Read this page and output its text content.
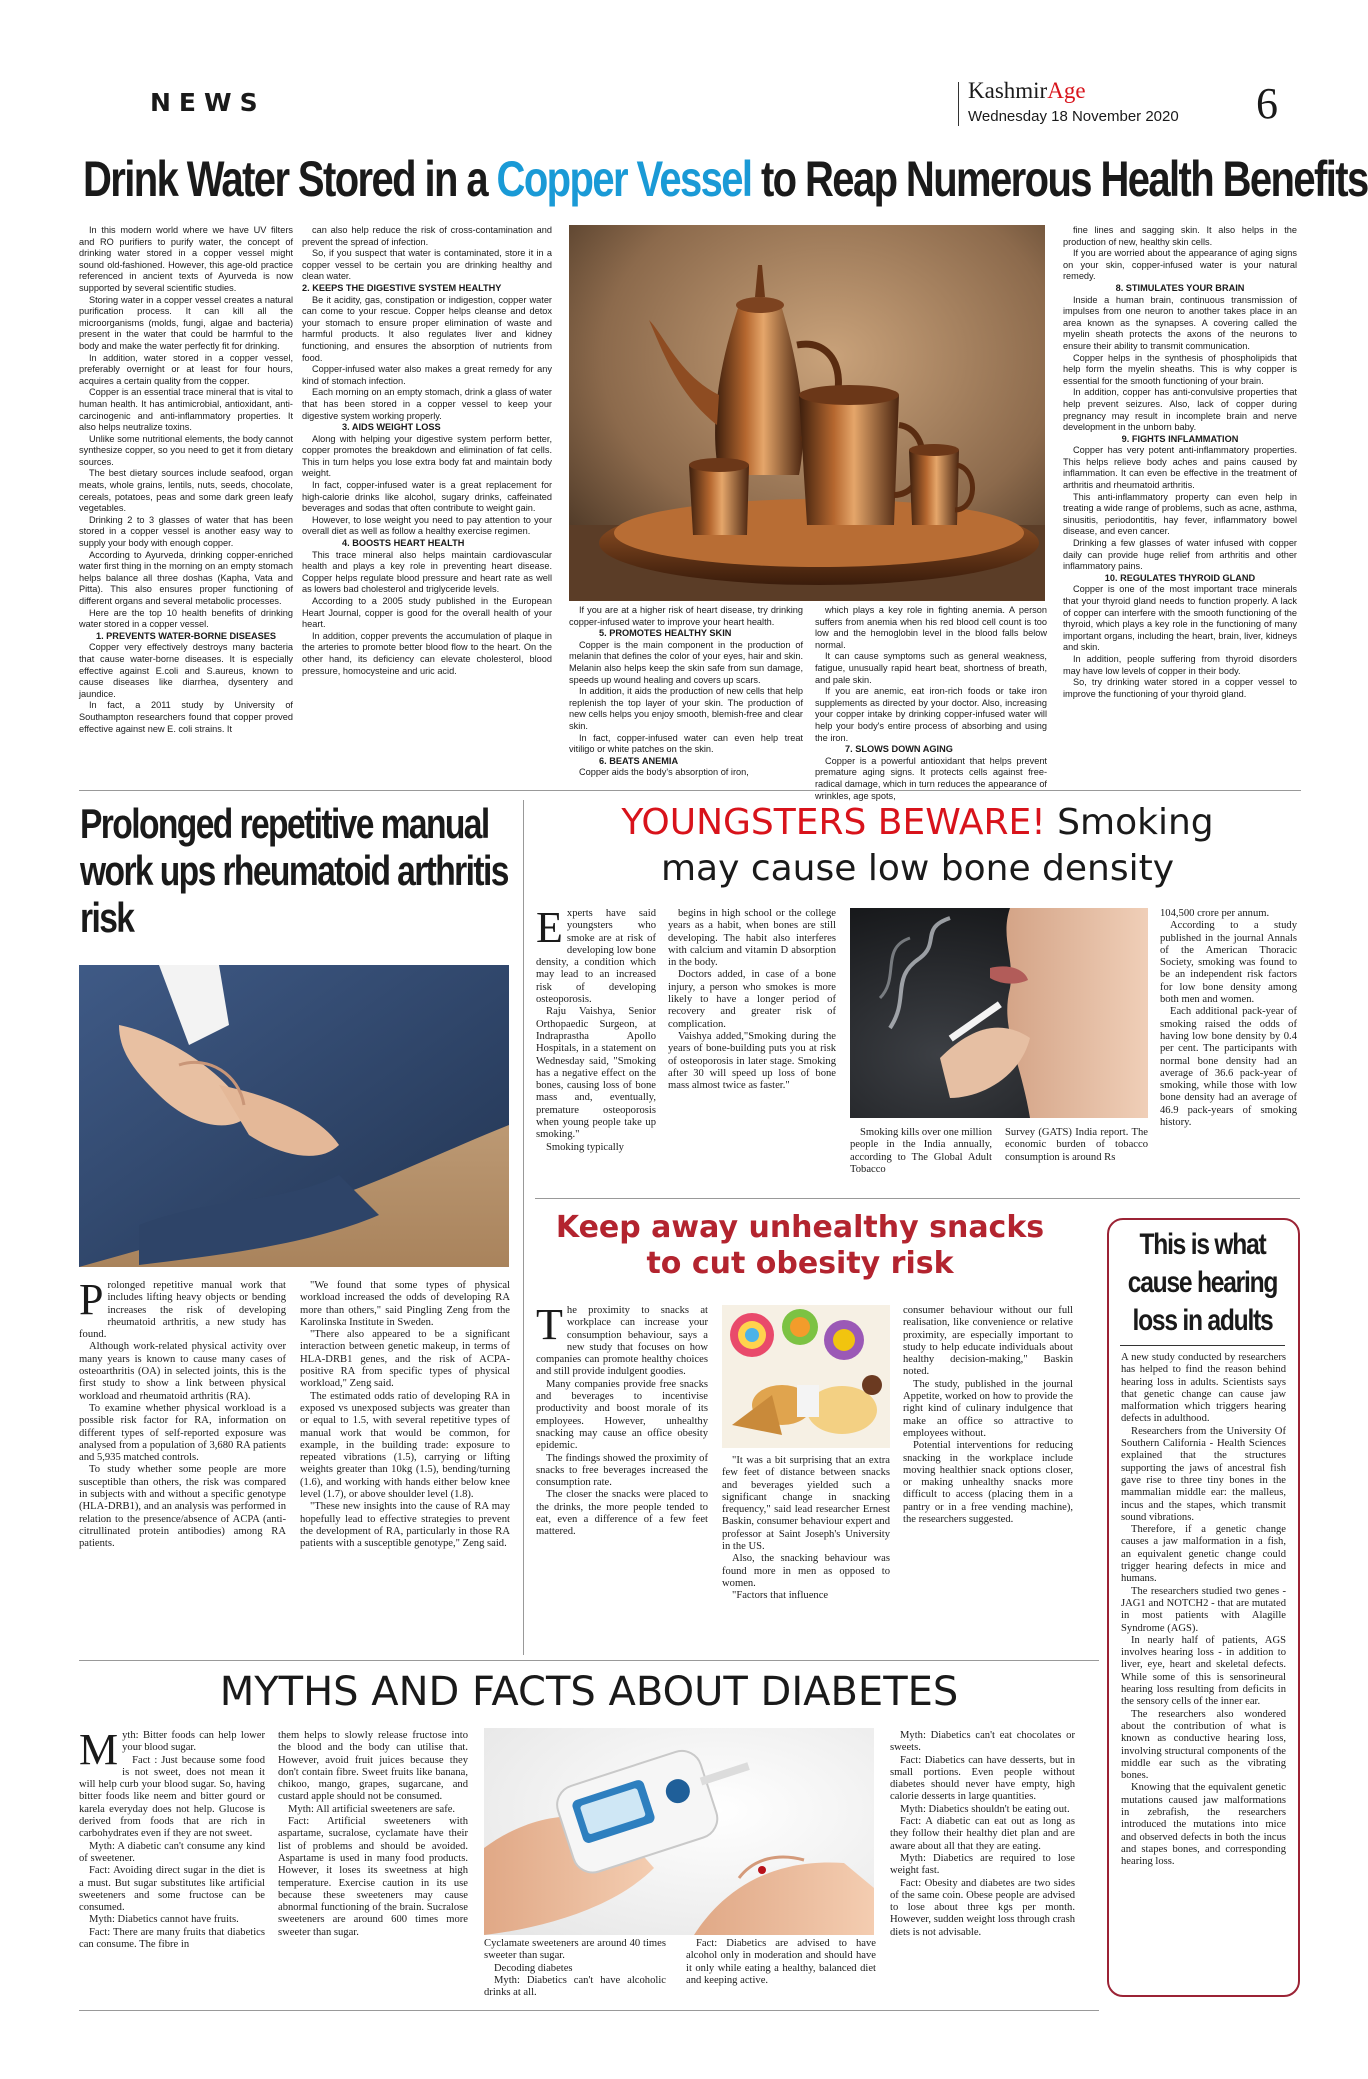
NEWS	KashmirAge
Wednesday 18 November 2020 6
Drink Water Stored in a Copper Vessel to Reap Numerous Health Benefits

In this modern world where we have UV filters and RO purifiers to purify water, the concept of drinking water stored in a copper vessel might sound old-fashioned. However, this age-old practice referenced in ancient texts of Ayurveda is now supported by several scientific studies.

Storing water in a copper vessel creates a natural purification process. It can kill all the microorganisms (molds, fungi, algae and bacteria) present in the water that could be harmful to the body and make the water perfectly fit for drinking.

In addition, water stored in a copper vessel, preferably overnight or at least for four hours, acquires a certain quality from the copper.

Copper is an essential trace mineral that is vital to human health. It has antimicrobial, antioxidant, anti-carcinogenic and anti-inflammatory properties. It also helps neutralize toxins.

Unlike some nutritional elements, the body cannot synthesize copper, so you need to get it from dietary sources.

The best dietary sources include seafood, organ meats, whole grains, lentils, nuts, seeds, chocolate, cereals, potatoes, peas and some dark green leafy vegetables.

Drinking 2 to 3 glasses of water that has been stored in a copper vessel is another easy way to supply your body with enough copper.

According to Ayurveda, drinking copper-enriched water first thing in the morning on an empty stomach helps balance all three doshas (Kapha, Vata and Pitta). This also ensures proper functioning of different organs and several metabolic processes.

Here are the top 10 health benefits of drinking water stored in a copper vessel.

1. PREVENTS WATER-BORNE DISEASES

Copper very effectively destroys many bacteria that cause water-borne diseases. It is especially effective against E.coli and S.aureus, known to cause diseases like diarrhea, dysentery and jaundice.

In fact, a 2011 study by University of Southampton researchers found that copper proved effective against new E. coli strains. It

can also help reduce the risk of cross-contamination and prevent the spread of infection.

So, if you suspect that water is contaminated, store it in a copper vessel to be certain you are drinking healthy and clean water.

2. KEEPS THE DIGESTIVE SYSTEM HEALTHY

Be it acidity, gas, constipation or indigestion, copper water can come to your rescue. Copper helps cleanse and detox your stomach to ensure proper elimination of waste and harmful products. It also regulates liver and kidney functioning, and ensures the absorption of nutrients from food.

Copper-infused water also makes a great remedy for any kind of stomach infection.

Each morning on an empty stomach, drink a glass of water that has been stored in a copper vessel to keep your digestive system working properly.

3. AIDS WEIGHT LOSS

Along with helping your digestive system perform better, copper promotes the breakdown and elimination of fat cells. This in turn helps you lose extra body fat and maintain body weight.

In fact, copper-infused water is a great replacement for high-calorie drinks like alcohol, sugary drinks, caffeinated beverages and sodas that often contribute to weight gain.

However, to lose weight you need to pay attention to your overall diet as well as follow a healthy exercise regimen.

4. BOOSTS HEART HEALTH

This trace mineral also helps maintain cardiovascular health and plays a key role in preventing heart disease. Copper helps regulate blood pressure and heart rate as well as lowers bad cholesterol and triglyceride levels.

According to a 2005 study published in the European Heart Journal, copper is good for the overall health of your heart.

In addition, copper prevents the accumulation of plaque in the arteries to promote better blood flow to the heart. On the other hand, its deficiency can elevate cholesterol, blood pressure, homocysteine and uric acid.

If you are at a higher risk of heart disease, try drinking copper-infused water to improve your heart health.

5. PROMOTES HEALTHY SKIN

Copper is the main component in the production of melanin that defines the color of your eyes, hair and skin. Melanin also helps keep the skin safe from sun damage, speeds up wound healing and covers up scars.

In addition, it aids the production of new cells that help replenish the top layer of your skin. The production of new cells helps you enjoy smooth, blemish-free and clear skin.

In fact, copper-infused water can even help treat vitiligo or white patches on the skin.

6. BEATS ANEMIA

Copper aids the body's absorption of iron,

which plays a key role in fighting anemia. A person suffers from anemia when his red blood cell count is too low and the hemoglobin level in the blood falls below normal.

It can cause symptoms such as general weakness, fatigue, unusually rapid heart beat, shortness of breath, and pale skin.

If you are anemic, eat iron-rich foods or take iron supplements as directed by your doctor. Also, increasing your copper intake by drinking copper-infused water will help your body's entire process of absorbing and using the iron.

7. SLOWS DOWN AGING

Copper is a powerful antioxidant that helps prevent premature aging signs. It protects cells against free-radical damage, which in turn reduces the appearance of wrinkles, age spots,

fine lines and sagging skin. It also helps in the production of new, healthy skin cells.

If you are worried about the appearance of aging signs on your skin, copper-infused water is your natural remedy.

8. STIMULATES YOUR BRAIN

Inside a human brain, continuous transmission of impulses from one neuron to another takes place in an area known as the synapses. A covering called the myelin sheath protects the axons of the neurons to ensure their ability to transmit communication.

Copper helps in the synthesis of phospholipids that help form the myelin sheaths. This is why copper is essential for the smooth functioning of your brain.

In addition, copper has anti-convulsive properties that help prevent seizures. Also, lack of copper during pregnancy may result in incomplete brain and nerve development in the unborn baby.

9. FIGHTS INFLAMMATION

Copper has very potent anti-inflammatory properties. This helps relieve body aches and pains caused by inflammation. It can even be effective in the treatment of arthritis and rheumatoid arthritis.

This anti-inflammatory property can even help in treating a wide range of problems, such as acne, asthma, sinusitis, periodontitis, hay fever, inflammatory bowel disease, and even cancer.

Drinking a few glasses of water infused with copper daily can provide huge relief from arthritis and other inflammatory pains.

10. REGULATES THYROID GLAND

Copper is one of the most important trace minerals that your thyroid gland needs to function properly. A lack of copper can interfere with the smooth functioning of the thyroid, which plays a key role in the functioning of many important organs, including the heart, brain, liver, kidneys and skin.

In addition, people suffering from thyroid disorders may have low levels of copper in their body.

So, try drinking water stored in a copper vessel to improve the functioning of your thyroid gland.

Prolonged repetitive manual work ups rheumatoid arthritis risk
P rolonged repetitive manual work that includes lifting heavy objects or bending increases the risk of developing rheumatoid arthritis, a new study has found.

Although work-related physical activity over many years is known to cause many cases of osteoarthritis (OA) in selected joints, this is the first study to show a link between physical workload and rheumatoid arthritis (RA).

To examine whether physical workload is a possible risk factor for RA, information on different types of self-reported exposure was analysed from a population of 3,680 RA patients and 5,935 matched controls.

To study whether some people are more susceptible than others, the risk was compared in subjects with and without a specific genotype (HLA-DRB1), and an analysis was performed in relation to the presence/absence of ACPA (anti-citrullinated protein antibodies) among RA patients.

"We found that some types of physical workload increased the odds of developing RA more than others," said Pingling Zeng from the Karolinska Institute in Sweden.

"There also appeared to be a significant interaction between genetic makeup, in terms of HLA-DRB1 genes, and the risk of ACPA-positive RA from specific types of physical workload," Zeng said.

The estimated odds ratio of developing RA in exposed vs unexposed subjects was greater than or equal to 1.5, with several repetitive types of manual work that would be common, for example, in the building trade: exposure to repeated vibrations (1.5), carrying or lifting weights greater than 10kg (1.5), bending/turning (1.6), and working with hands either below knee level (1.7), or above shoulder level (1.8).

"These new insights into the cause of RA may hopefully lead to effective strategies to prevent the development of RA, particularly in those RA patients with a susceptible genotype," Zeng said.

YOUNGSTERS BEWARE! Smoking
may cause low bone density
E xperts have said youngsters who smoke are at risk of developing low bone density, a condition which may lead to an increased risk of developing osteoporosis.

Raju Vaishya, Senior Orthopaedic Surgeon, at Indraprastha Apollo Hospitals, in a statement on Wednesday said, "Smoking has a negative effect on the bones, causing loss of bone mass and, eventually, premature osteoporosis when young people take up smoking."

Smoking typically

begins in high school or the college years as a habit, when bones are still developing. The habit also interferes with calcium and vitamin D absorption in the body.

Doctors added, in case of a bone injury, a person who smokes is more likely to have a longer period of recovery and greater risk of complication.

Vaishya added,"Smoking during the years of bone-building puts you at risk of osteoporosis in later stage. Smoking after 30 will speed up loss of bone mass almost twice as faster."

Smoking kills over one million people in the India annually, according to The Global Adult Tobacco

Survey (GATS) India report. The economic burden of tobacco consumption is around Rs

104,500 crore per annum.

According to a study published in the journal Annals of the American Thoracic Society, smoking was found to be an independent risk factors for low bone density among both men and women.

Each additional pack-year of smoking raised the odds of having low bone density by 0.4 per cent. The participants with normal bone density had an average of 36.6 pack-year of smoking, while those with low bone density had an average of 46.9 pack-years of smoking history.

Keep away unhealthy snacks
to cut obesity risk
T he proximity to snacks at workplace can increase your consumption behaviour, says a new study that focuses on how companies can promote healthy choices and still provide indulgent goodies.

Many companies provide free snacks and beverages to incentivise productivity and boost morale of its employees. However, unhealthy snacking may cause an office obesity epidemic.

The findings showed the proximity of snacks to free beverages increased the consumption rate.

The closer the snacks were placed to the drinks, the more people tended to eat, even a difference of a few feet mattered.

"It was a bit surprising that an extra few feet of distance between snacks and beverages yielded such a significant change in snacking frequency," said lead researcher Ernest Baskin, consumer behaviour expert and professor at Saint Joseph's University in the US.

Also, the snacking behaviour was found more in men as opposed to women.

"Factors that influence

consumer behaviour without our full realisation, like convenience or relative proximity, are especially important to study to help educate individuals about healthy decision-making," Baskin noted.

The study, published in the journal Appetite, worked on how to provide the right kind of culinary indulgence that make an office so attractive to employees without.

Potential interventions for reducing snacking in the workplace include moving healthier snack options closer, or making unhealthy snacks more difficult to access (placing them in a pantry or in a free vending machine), the researchers suggested.

This is what
cause hearing
loss in adults

A new study conducted by researchers has helped to find the reason behind hearing loss in adults. Scientists says that genetic change can cause jaw malformation which triggers hearing defects in adulthood.

Researchers from the University Of Southern California - Health Sciences explained that the structures supporting the jaws of ancestral fish gave rise to three tiny bones in the mammalian middle ear: the malleus, incus and the stapes, which transmit sound vibrations.

Therefore, if a genetic change causes a jaw malformation in a fish, an equivalent genetic change could trigger hearing defects in mice and humans.

The researchers studied two genes - JAG1 and NOTCH2 - that are mutated in most patients with Alagille Syndrome (AGS).

In nearly half of patients, AGS involves hearing loss - in addition to liver, eye, heart and skeletal defects. While some of this is sensorineural hearing loss resulting from deficits in the sensory cells of the inner ear.

The researchers also wondered about the contribution of what is known as conductive hearing loss, involving structural components of the middle ear such as the vibrating bones.

Knowing that the equivalent genetic mutations caused jaw malformations in zebrafish, the researchers introduced the mutations into mice and observed defects in both the incus and stapes bones, and corresponding hearing loss.

MYTHS AND FACTS ABOUT DIABETES
M yth: Bitter foods can help lower your blood sugar.

Fact : Just because some food is not sweet, does not mean it will help curb your blood sugar. So, having bitter foods like neem and bitter gourd or karela everyday does not help. Glucose is derived from foods that are rich in carbohydrates even if they are not sweet.

Myth: A diabetic can't consume any kind of sweetener.

Fact: Avoiding direct sugar in the diet is a must. But sugar substitutes like artificial sweeteners and some fructose can be consumed.

Myth: Diabetics cannot have fruits.

Fact: There are many fruits that diabetics can consume. The fibre in

them helps to slowly release fructose into the blood and the body can utilise that. However, avoid fruit juices because they don't contain fibre. Sweet fruits like banana, chikoo, mango, grapes, sugarcane, and custard apple should not be consumed.

Myth: All artificial sweeteners are safe.

Fact: Artificial sweeteners with aspartame, sucralose, cyclamate have their list of problems and should be avoided. Aspartame is used in many food products. However, it loses its sweetness at high temperature. Exercise caution in its use because these sweeteners may cause abnormal functioning of the brain. Sucralose sweeteners are around 600 times more sweeter than sugar.

Cyclamate sweeteners are around 40 times sweeter than sugar.

Decoding diabetes

Myth: Diabetics can't have alcoholic drinks at all.

Fact: Diabetics are advised to have alcohol only in moderation and should have it only while eating a healthy, balanced diet and keeping active.

Myth: Diabetics can't eat chocolates or sweets.

Fact: Diabetics can have desserts, but in small portions. Even people without diabetes should never have empty, high calorie desserts in large quantities.

Myth: Diabetics shouldn't be eating out.

Fact: A diabetic can eat out as long as they follow their healthy diet plan and are aware about all that they are eating.

Myth: Diabetics are required to lose weight fast.

Fact: Obesity and diabetes are two sides of the same coin. Obese people are advised to lose about three kgs per month. However, sudden weight loss through crash diets is not advisable.
